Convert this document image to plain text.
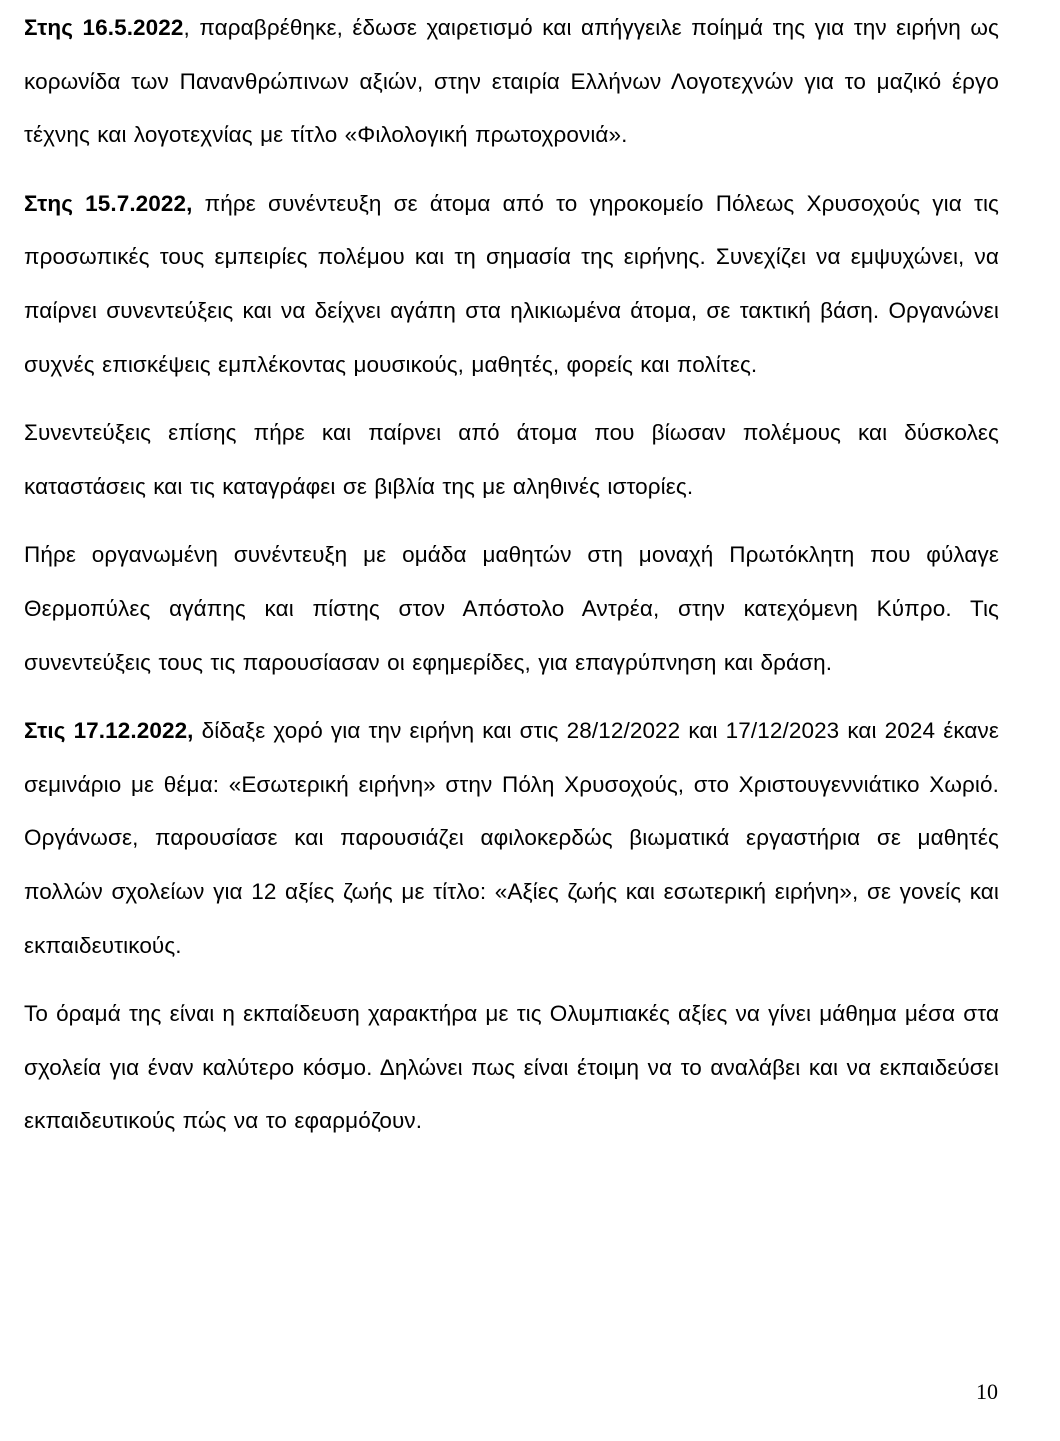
Στης 16.5.2022, παραβρέθηκε, έδωσε χαιρετισμό και απήγγειλε ποίημά της για την ειρήνη ως κορωνίδα των Πανανθρώπινων αξιών, στην εταιρία Ελλήνων Λογοτεχνών για το μαζικό έργο τέχνης και λογοτεχνίας με τίτλο «Φιλολογική πρωτοχρονιά».

Στης 15.7.2022, πήρε συνέντευξη σε άτομα από το γηροκομείο Πόλεως Χρυσοχούς για τις προσωπικές τους εμπειρίες πολέμου και τη σημασία της ειρήνης. Συνεχίζει να εμψυχώνει, να παίρνει συνεντεύξεις και να δείχνει αγάπη στα ηλικιωμένα άτομα, σε τακτική βάση. Οργανώνει συχνές επισκέψεις εμπλέκοντας μουσικούς, μαθητές, φορείς και πολίτες.

Συνεντεύξεις επίσης πήρε και παίρνει από άτομα που βίωσαν πολέμους και δύσκολες καταστάσεις και τις καταγράφει σε βιβλία της με αληθινές ιστορίες.

Πήρε οργανωμένη συνέντευξη με ομάδα μαθητών στη μοναχή Πρωτόκλητη που φύλαγε Θερμοπύλες αγάπης και πίστης στον Απόστολο Αντρέα, στην κατεχόμενη Κύπρο. Τις συνεντεύξεις τους τις παρουσίασαν οι εφημερίδες, για επαγρύπνηση και δράση.

Στις 17.12.2022, δίδαξε χορό για την ειρήνη και στις 28/12/2022 και 17/12/2023 και 2024 έκανε σεμινάριο με θέμα: «Εσωτερική ειρήνη» στην Πόλη Χρυσοχούς, στο Χριστουγεννιάτικο Χωριό. Οργάνωσε, παρουσίασε και παρουσιάζει αφιλοκερδώς βιωματικά εργαστήρια σε μαθητές πολλών σχολείων για 12 αξίες ζωής με τίτλο: «Αξίες ζωής και εσωτερική ειρήνη», σε γονείς και εκπαιδευτικούς.

Το όραμά της είναι η εκπαίδευση χαρακτήρα με τις Ολυμπιακές αξίες να γίνει μάθημα μέσα στα σχολεία για έναν καλύτερο κόσμο. Δηλώνει πως είναι έτοιμη να το αναλάβει και να εκπαιδεύσει εκπαιδευτικούς πώς να το εφαρμόζουν.

10
